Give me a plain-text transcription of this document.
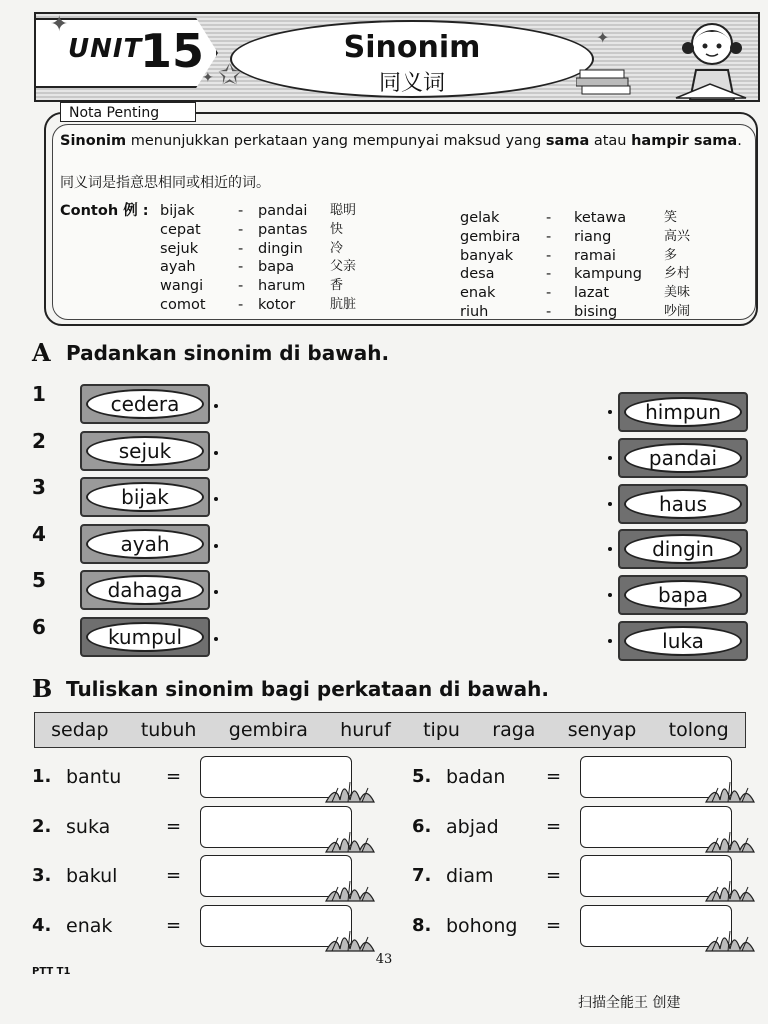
UNIT
15
✦
✦ ✩
✦
Sinonim
同义词
Nota Penting
Sinonim menunjukkan perkataan yang mempunyai maksud yang sama atau hampir sama.
同义词是指意思相同或相近的词。
Contoh 例 : bijak	- pandai 聪明
cepat	- pantas 快
sejuk	- dingin 冷
ayah	- bapa	父亲
wangi - harum 香
comot - kotor	肮脏
gelak	- ketawa	笑
gembira - riang	高兴
banyak - ramai	多
desa	- kampung 乡村
enak	- lazat	美味
riuh	- bising	吵闹
A Padankan sinonim di bawah.
1	cedera
2	sejuk
3	bijak
4	ayah
5	dahaga
6	kumpul
himpun
pandai
haus
dingin
bapa
luka
B Tuliskan sinonim bagi perkataan di bawah.
sedap tubuh gembira huruf tipu raga senyap tolong
1. bantu =
2. suka	=
3. bakul	=
4. enak	=
5. badan =
6. abjad	=
7. diam	=
8. bohong =
43
PTT T1
扫描全能王 创建
